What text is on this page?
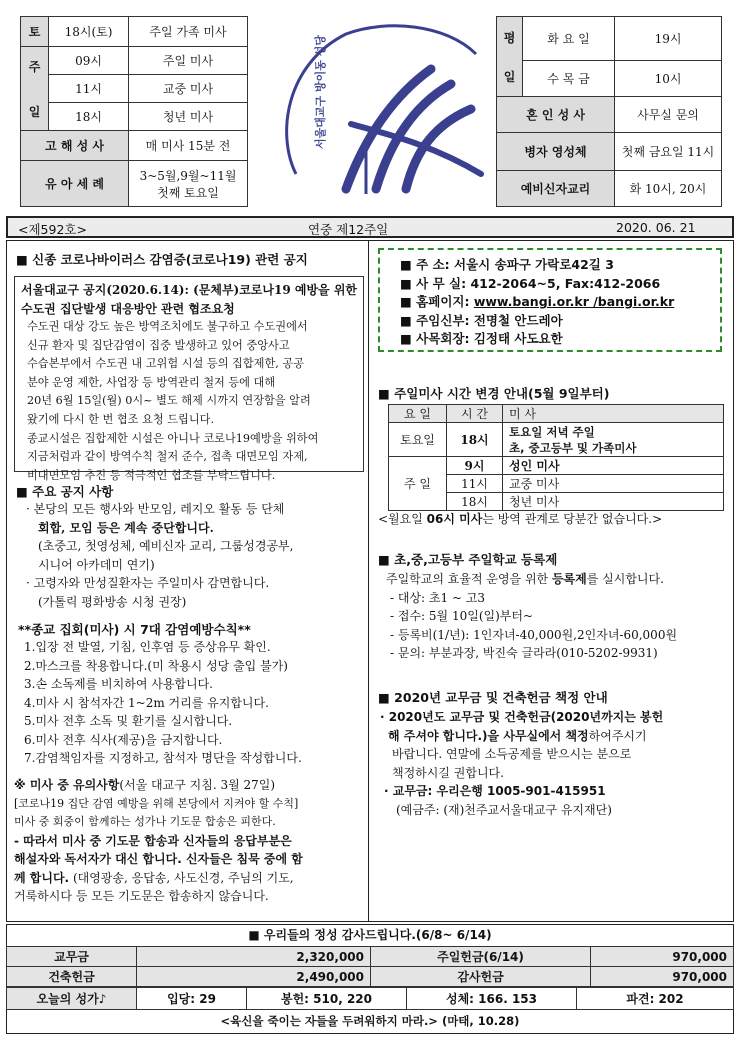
토	18시(토)	주일 가족 미사

주
일	09시	주일 미사
	11시	교중 미사
	18시	청년 미사
고 해 성 사		매 미사 15분 전
유 아 세 례		3~5월,9월~11월
첫째 토요일
서울대교구 방이동 성당	평
일	화 요 일	19시
	수 목 금	10시
혼 인 성 사		사무실 문의
병자 영성체		첫째 금요일 11시
예비신자교리		화 10시, 20시
<제592호>	연중 제12주일	2020. 06. 21
■ 신종 코로나바이러스 감염증(코로나19) 관련 공지
서울대교구 공지(2020.6.14): (문체부)코로나19 예방을 위한
수도권 집단발생 대응방안 관련 협조요청
수도권 대상 강도 높은 방역조치에도 불구하고 수도권에서
신규 환자 및 집단감염이 집중 발생하고 있어 중앙사고
수습본부에서 수도권 내 고위험 시설 등의 집합제한, 공공
분야 운영 제한, 사업장 등 방역관리 철저 등에 대해
20년 6월 15일(월) 0시~ 별도 해제 시까지 연장함을 알려
왔기에 다시 한 번 협조 요청 드립니다.
종교시설은 집합제한 시설은 아니나 코로나19예방을 위하여
지금처럼과 같이 방역수칙 철저 준수, 접촉 대면모임 자제,
비대면모임 추진 등 적극적인 협조를 부탁드립니다.
■ 주요 공지 사항
· 본당의 모든 행사와 반모임, 레지오 활동 등 단체
회합, 모임 등은 계속 중단합니다.
(초중고, 첫영성체, 예비신자 교리, 그룹성경공부,
시니어 아카데미 연기)
· 고령자와 만성질환자는 주일미사 감면합니다.
(가톨릭 평화방송 시청 권장)
**종교 집회(미사) 시 7대 감염예방수칙**
1.입장 전 발열, 기침, 인후염 등 증상유무 확인.
2.마스크를 착용합니다.(미 착용시 성당 출입 불가)
3.손 소독제를 비치하여 사용합니다.
4.미사 시 참석자간 1~2m 거리를 유지합니다.
5.미사 전후 소독 및 환기를 실시합니다.
6.미사 전후 식사(제공)을 금지합니다.
7.감염책임자를 지정하고, 참석자 명단을 작성합니다.
※ 미사 중 유의사항(서울 대교구 지침. 3월 27일)
[코로나19 집단 감염 예방을 위해 본당에서 지켜야 할 수칙]
미사 중 회중이 함께하는 성가나 기도문 합송은 피한다.
- 따라서 미사 중 기도문 합송과 신자들의 응답부분은
해설자와 독서자가 대신 합니다. 신자들은 침묵 중에 함
께 합니다. (대영광송, 응답송, 사도신경, 주님의 기도,
거룩하시다 등 모든 기도문은 합송하지 않습니다.
■ 주 소: 서울시 송파구 가락로42길 3
■ 사 무 실: 412-2064~5, Fax:412-2066
■ 홈페이지: www.bangi.or.kr /bangi.or.kr
■ 주임신부: 전명철 안드레아
■ 사목회장: 김정태 사도요한
■ 주일미사 시간 변경 안내(5월 9일부터)
요 일	시 간	미 사
토요일	18시	토요일 저녁 주일
초, 중고등부 및 가족미사

주 일	9시	성인 미사
	11시	교중 미사
	18시	청년 미사
<월요일 06시 미사는 방역 관계로 당분간 없습니다.>
■ 초,중,고등부 주일학교 등록제
주일학교의 효율적 운영을 위한 등록제를 실시합니다.
- 대상: 초1 ~ 고3
- 접수: 5월 10일(일)부터~
- 등록비(1/년): 1인자녀-40,000원,2인자녀-60,000원
- 문의: 부분과장, 박진숙 글라라(010-5202-9931)
■ 2020년 교무금 및 건축헌금 책정 안내
· 2020년도 교무금 및 건축헌금(2020년까지는 봉헌
해 주셔야 합니다.)을 사무실에서 책정하여주시기
바랍니다. 연말에 소득공제를 받으시는 분으로
책정하시길 권합니다.
· 교무금: 우리은행 1005-901-415951
(예금주: (재)천주교서울대교구 유지재단)
■ 우리들의 정성 감사드립니다.(6/8~ 6/14)
교무금	2,320,000	주일헌금(6/14)	970,000
건축헌금	2,490,000	감사헌금	970,000
오늘의 성가♪	입당: 29	봉헌: 510, 220	성체: 166. 153	파견: 202
<육신을 죽이는 자들을 두려워하지 마라.> (마태, 10.28)
